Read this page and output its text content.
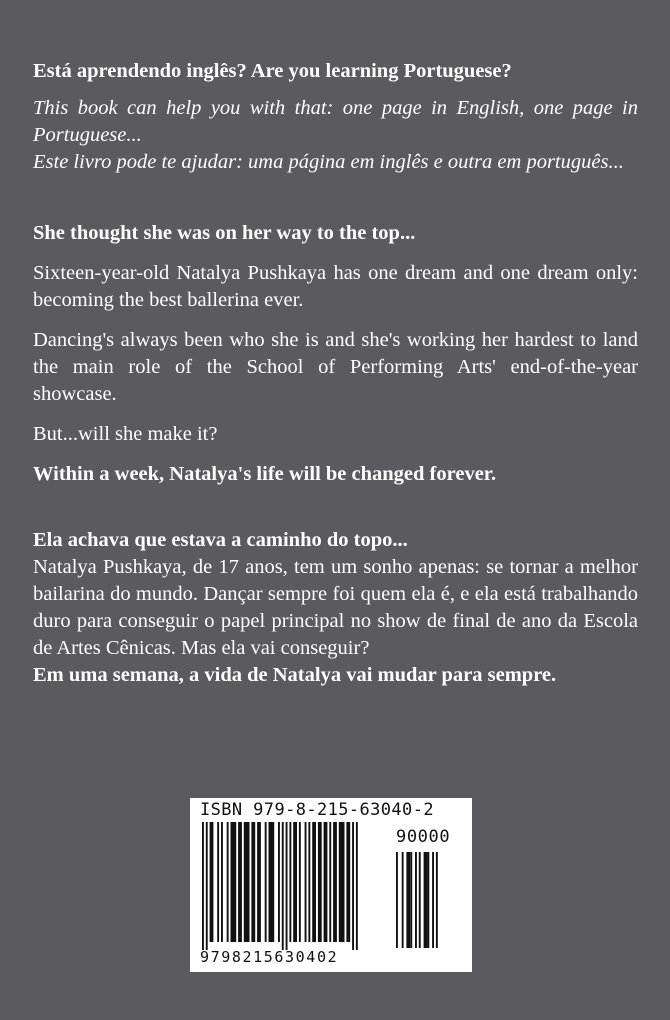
Está aprendendo inglês? Are you learning Portuguese?

This book can help you with that: one page in English, one page in Portuguese...

Este livro pode te ajudar: uma página em inglês e outra em português...

She thought she was on her way to the top...

Sixteen-year-old Natalya Pushkaya has one dream and one dream only: becoming the best ballerina ever.

Dancing's always been who she is and she's working her hardest to land the main role of the School of Performing Arts' end-of-the-year showcase.

But...will she make it?

Within a week, Natalya's life will be changed forever.

Ela achava que estava a caminho do topo...

Natalya Pushkaya, de 17 anos, tem um sonho apenas: se tornar a melhor bailarina do mundo. Dançar sempre foi quem ela é, e ela está trabalhando duro para conseguir o papel principal no show de final de ano da Escola de Artes Cênicas. Mas ela vai conseguir?

Em uma semana, a vida de Natalya vai mudar para sempre.

ISBN 979-8-215-63040-2
90000
9798215630402
